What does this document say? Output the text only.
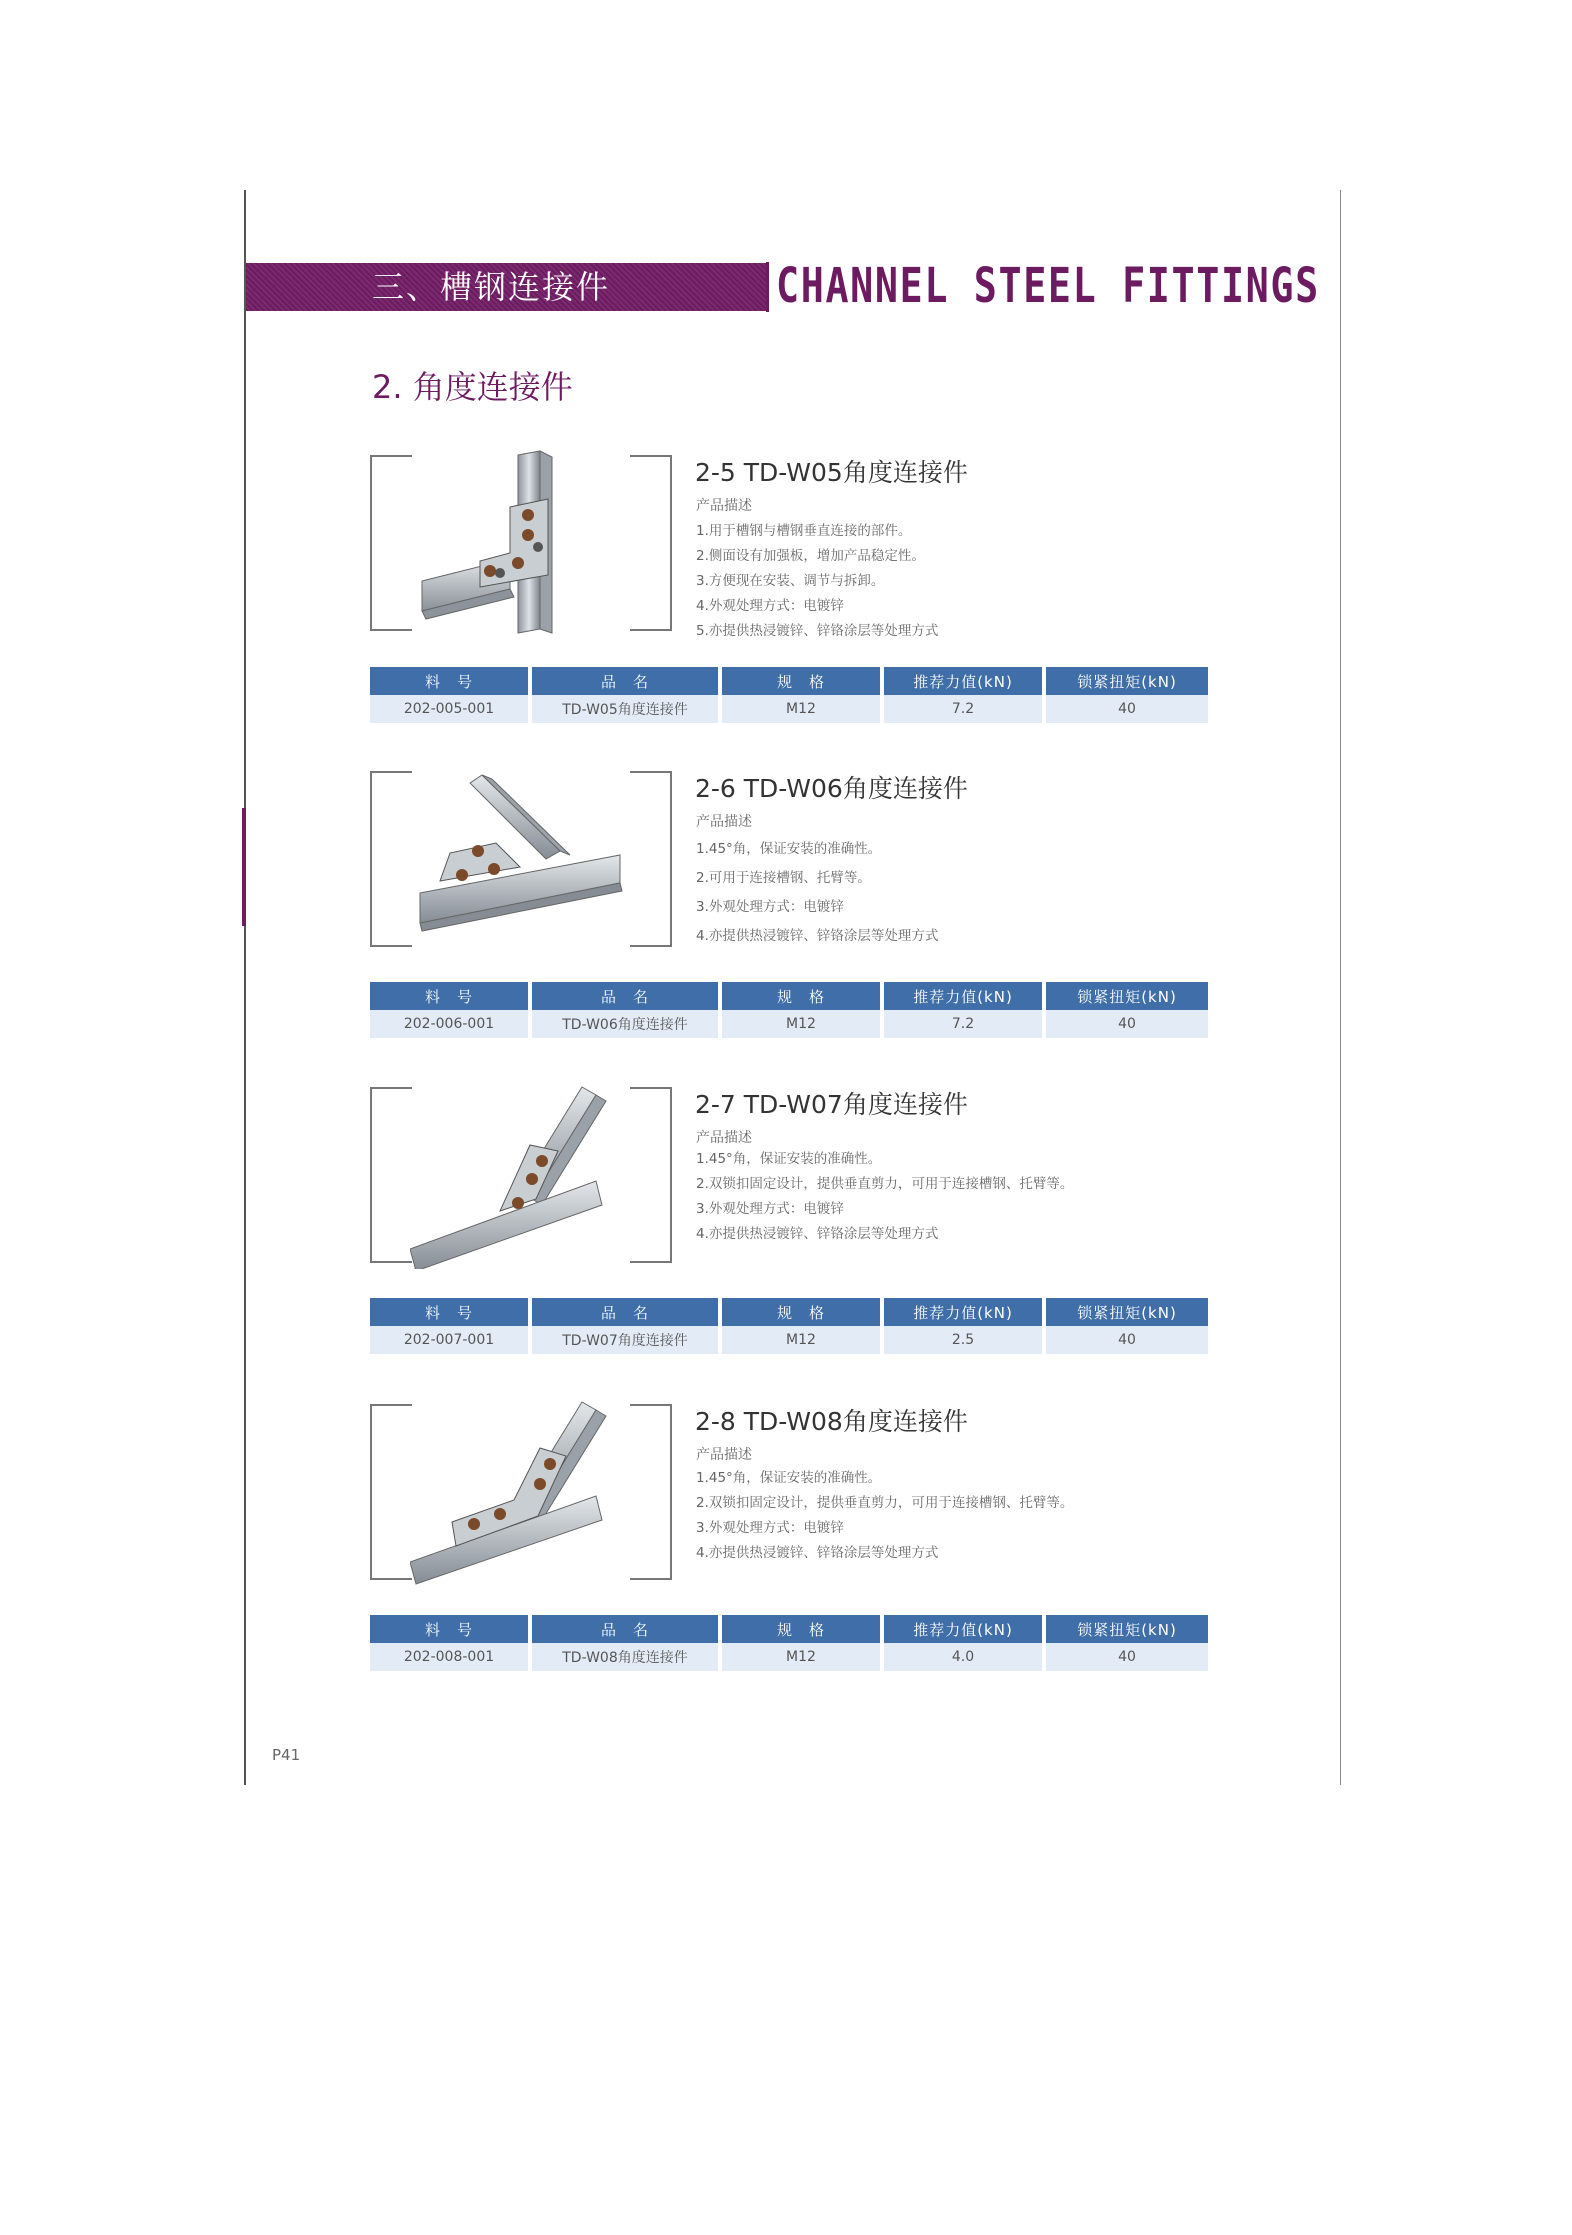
三、槽钢连接件	CHANNEL STEEL FITTINGS
2. 角度连接件
2-5 TD-W05角度连接件
产品描述
1.用于槽钢与槽钢垂直连接的部件。
2.侧面设有加强板，增加产品稳定性。
3.方便现在安装、调节与拆卸。
4.外观处理方式：电镀锌
5.亦提供热浸镀锌、锌铬涂层等处理方式
料　号	品　名	规　格	推荐力值(kN)	锁紧扭矩(kN)
202-005-001	TD-W05角度连接件	M12	7.2	40
2-6 TD-W06角度连接件
产品描述
1.45°角，保证安装的准确性。
2.可用于连接槽钢、托臂等。
3.外观处理方式：电镀锌
4.亦提供热浸镀锌、锌铬涂层等处理方式
料　号	品　名	规　格	推荐力值(kN)	锁紧扭矩(kN)
202-006-001	TD-W06角度连接件	M12	7.2	40
2-7 TD-W07角度连接件
产品描述
1.45°角，保证安装的准确性。
2.双锁扣固定设计，提供垂直剪力，可用于连接槽钢、托臂等。
3.外观处理方式：电镀锌
4.亦提供热浸镀锌、锌铬涂层等处理方式
料　号	品　名	规　格	推荐力值(kN)	锁紧扭矩(kN)
202-007-001	TD-W07角度连接件	M12	2.5	40
2-8 TD-W08角度连接件
产品描述
1.45°角，保证安装的准确性。
2.双锁扣固定设计，提供垂直剪力，可用于连接槽钢、托臂等。
3.外观处理方式：电镀锌
4.亦提供热浸镀锌、锌铬涂层等处理方式
料　号	品　名	规　格	推荐力值(kN)	锁紧扭矩(kN)
202-008-001	TD-W08角度连接件	M12	4.0	40
P41
